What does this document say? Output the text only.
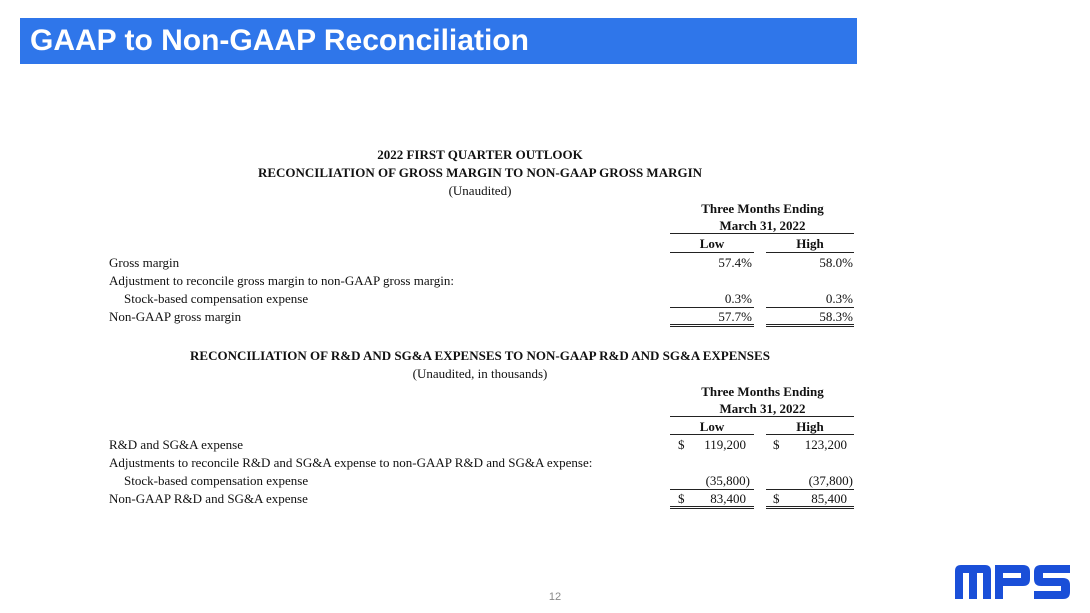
GAAP to Non-GAAP Reconciliation
2022 FIRST QUARTER OUTLOOK
RECONCILIATION OF GROSS MARGIN TO NON-GAAP GROSS MARGIN
(Unaudited)
Three Months Ending
March 31, 2022
Low	High
Gross margin	57.4%	58.0%
Adjustment to reconcile gross margin to non-GAAP gross margin:
Stock-based compensation expense	0.3%	0.3%
Non-GAAP gross margin	57.7%	58.3%
RECONCILIATION OF R&D AND SG&A EXPENSES TO NON-GAAP R&D AND SG&A EXPENSES
(Unaudited, in thousands)
Three Months Ending
March 31, 2022
Low	High
R&D and SG&A expense	$	119,200 $	123,200
Adjustments to reconcile R&D and SG&A expense to non-GAAP R&D and SG&A expense:
Stock-based compensation expense	(35,800)	(37,800)
Non-GAAP R&D and SG&A expense	$	83,400 $	85,400
12
